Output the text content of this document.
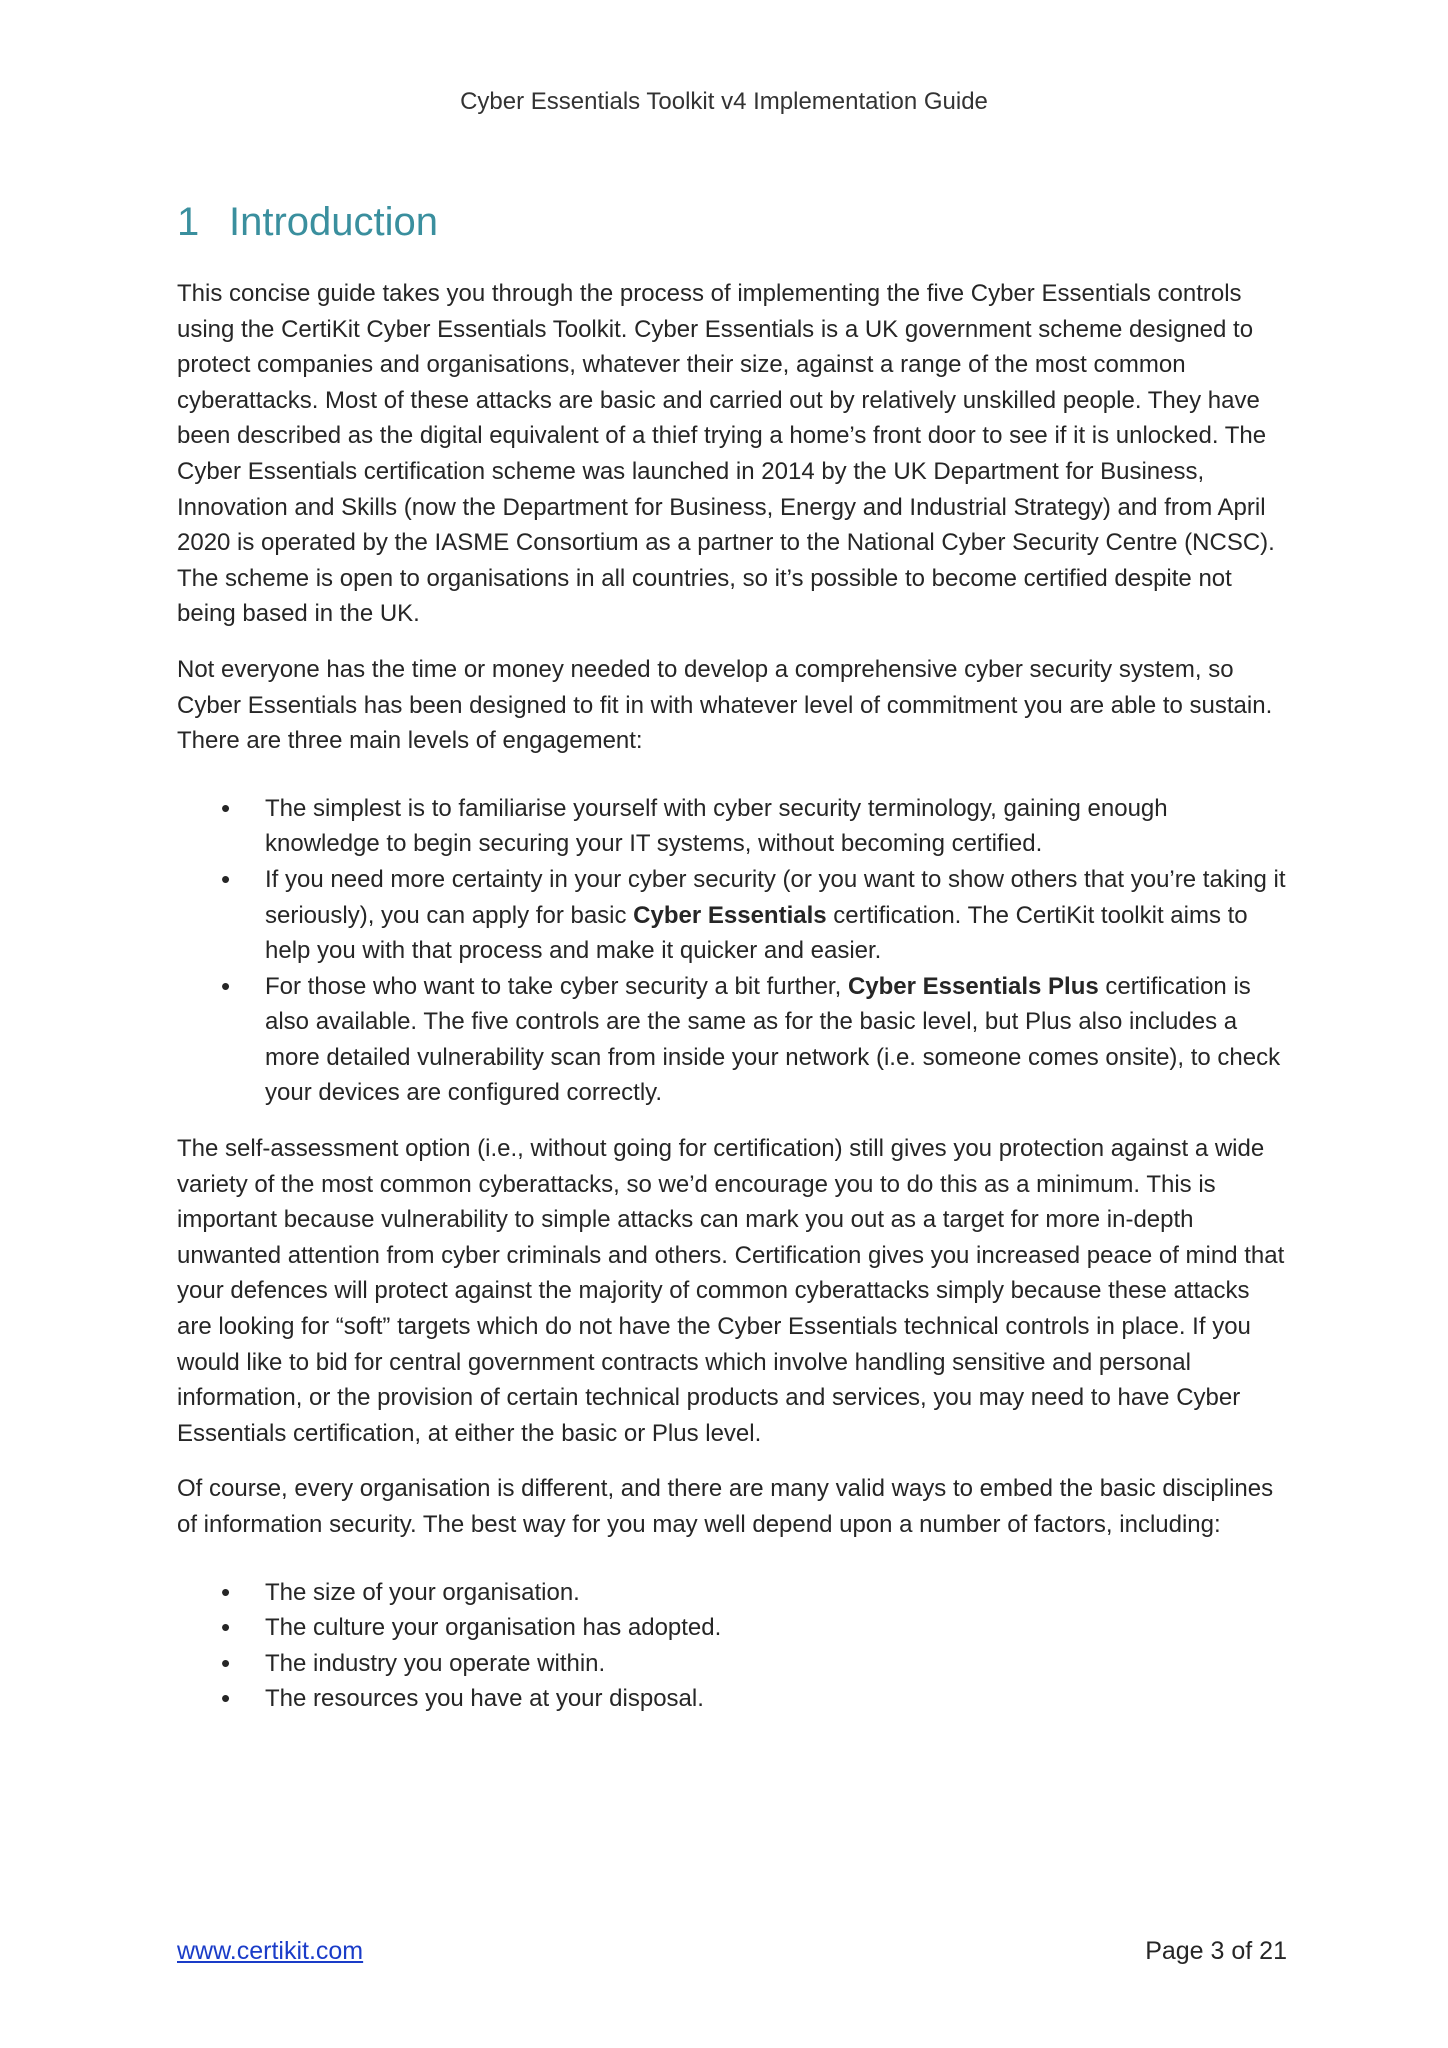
Cyber Essentials Toolkit v4 Implementation Guide
1 Introduction

This concise guide takes you through the process of implementing the five Cyber Essentials controls using the CertiKit Cyber Essentials Toolkit. Cyber Essentials is a UK government scheme designed to protect companies and organisations, whatever their size, against a range of the most common cyberattacks. Most of these attacks are basic and carried out by relatively unskilled people. They have been described as the digital equivalent of a thief trying a home’s front door to see if it is unlocked. The Cyber Essentials certification scheme was launched in 2014 by the UK Department for Business, Innovation and Skills (now the Department for Business, Energy and Industrial Strategy) and from April 2020 is operated by the IASME Consortium as a partner to the National Cyber Security Centre (NCSC). The scheme is open to organisations in all countries, so it’s possible to become certified despite not being based in the UK.

Not everyone has the time or money needed to develop a comprehensive cyber security system, so Cyber Essentials has been designed to fit in with whatever level of commitment you are able to sustain. There are three main levels of engagement:

• The simplest is to familiarise yourself with cyber security terminology, gaining enough knowledge to begin securing your IT systems, without becoming certified.
• If you need more certainty in your cyber security (or you want to show others that you’re taking it seriously), you can apply for basic Cyber Essentials certification. The CertiKit toolkit aims to help you with that process and make it quicker and easier.
• For those who want to take cyber security a bit further, Cyber Essentials Plus certification is also available. The five controls are the same as for the basic level, but Plus also includes a more detailed vulnerability scan from inside your network (i.e. someone comes onsite), to check your devices are configured correctly.

The self-assessment option (i.e., without going for certification) still gives you protection against a wide variety of the most common cyberattacks, so we’d encourage you to do this as a minimum. This is important because vulnerability to simple attacks can mark you out as a target for more in-depth unwanted attention from cyber criminals and others. Certification gives you increased peace of mind that your defences will protect against the majority of common cyberattacks simply because these attacks are looking for “soft” targets which do not have the Cyber Essentials technical controls in place. If you would like to bid for central government contracts which involve handling sensitive and personal information, or the provision of certain technical products and services, you may need to have Cyber Essentials certification, at either the basic or Plus level.

Of course, every organisation is different, and there are many valid ways to embed the basic disciplines of information security. The best way for you may well depend upon a number of factors, including:

• The size of your organisation.
• The culture your organisation has adopted.
• The industry you operate within.
• The resources you have at your disposal.
www.certikit.com	Page 3 of 21
